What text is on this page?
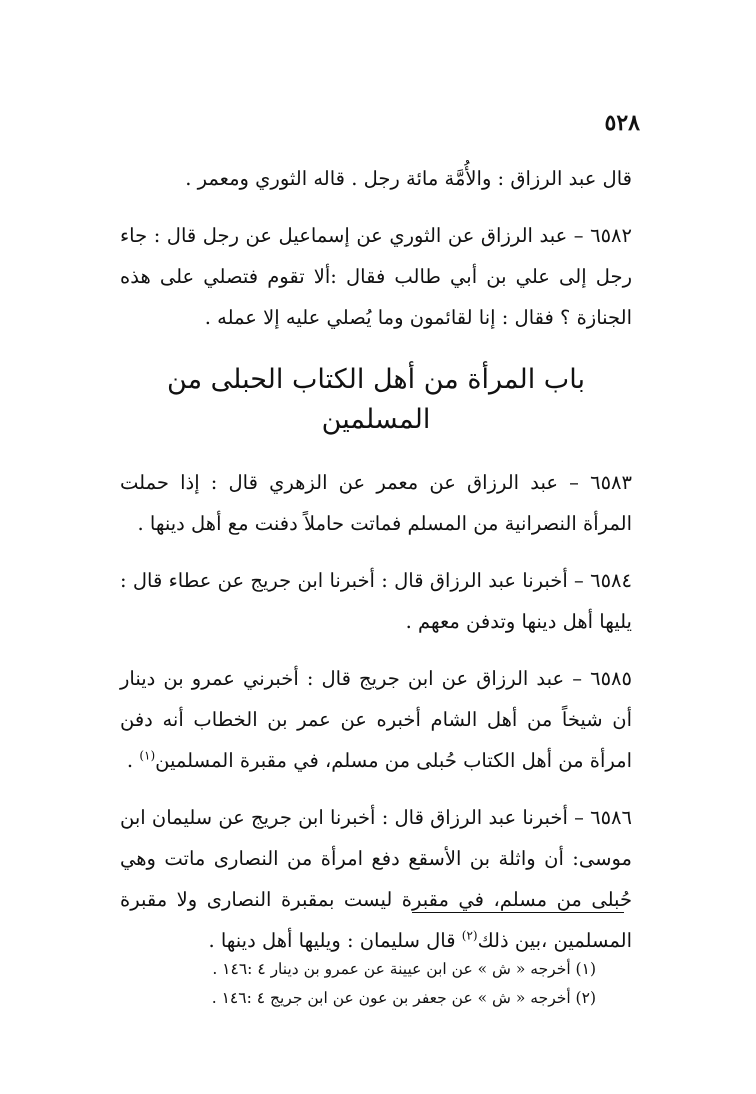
٥٢٨

قال عبد الرزاق : والأُمَّة مائة رجل . قاله الثوري ومعمر .

٦٥٨٢ – عبد الرزاق عن الثوري عن إسماعيل عن رجل قال : جاء رجل إلى علي بن أبي طالب فقال :ألا تقوم فتصلي على هذه الجنازة ؟ فقال : إنا لقائمون وما يُصلي عليه إلا عمله .

باب المرأة من أهل الكتاب الحبلى من المسلمين

٦٥٨٣ – عبد الرزاق عن معمر عن الزهري قال : إذا حملت المرأة النصرانية من المسلم فماتت حاملاً دفنت مع أهل دينها .

٦٥٨٤ – أخبرنا عبد الرزاق قال : أخبرنا ابن جريج عن عطاء قال : يليها أهل دينها وتدفن معهم .

٦٥٨٥ – عبد الرزاق عن ابن جريج قال : أخبرني عمرو بن دينار أن شيخاً من أهل الشام أخبره عن عمر بن الخطاب أنه دفن امرأة من أهل الكتاب حُبلى من مسلم، في مقبرة المسلمين$^{(١)}$ .

٦٥٨٦ – أخبرنا عبد الرزاق قال : أخبرنا ابن جريج عن سليمان ابن موسى: أن واثلة بن الأسقع دفع امرأة من النصارى ماتت وهي حُبلى من مسلم، في مقبرة ليست بمقبرة النصارى ولا مقبرة المسلمين ،بين ذلك$^{(٢)}$ قال سليمان : ويليها أهل دينها .

(١) أخرجه « ش » عن ابن عيينة عن عمرو بن دينار ٤ :١٤٦ .
(٢) أخرجه « ش » عن جعفر بن عون عن ابن جريج ٤ :١٤٦ .
